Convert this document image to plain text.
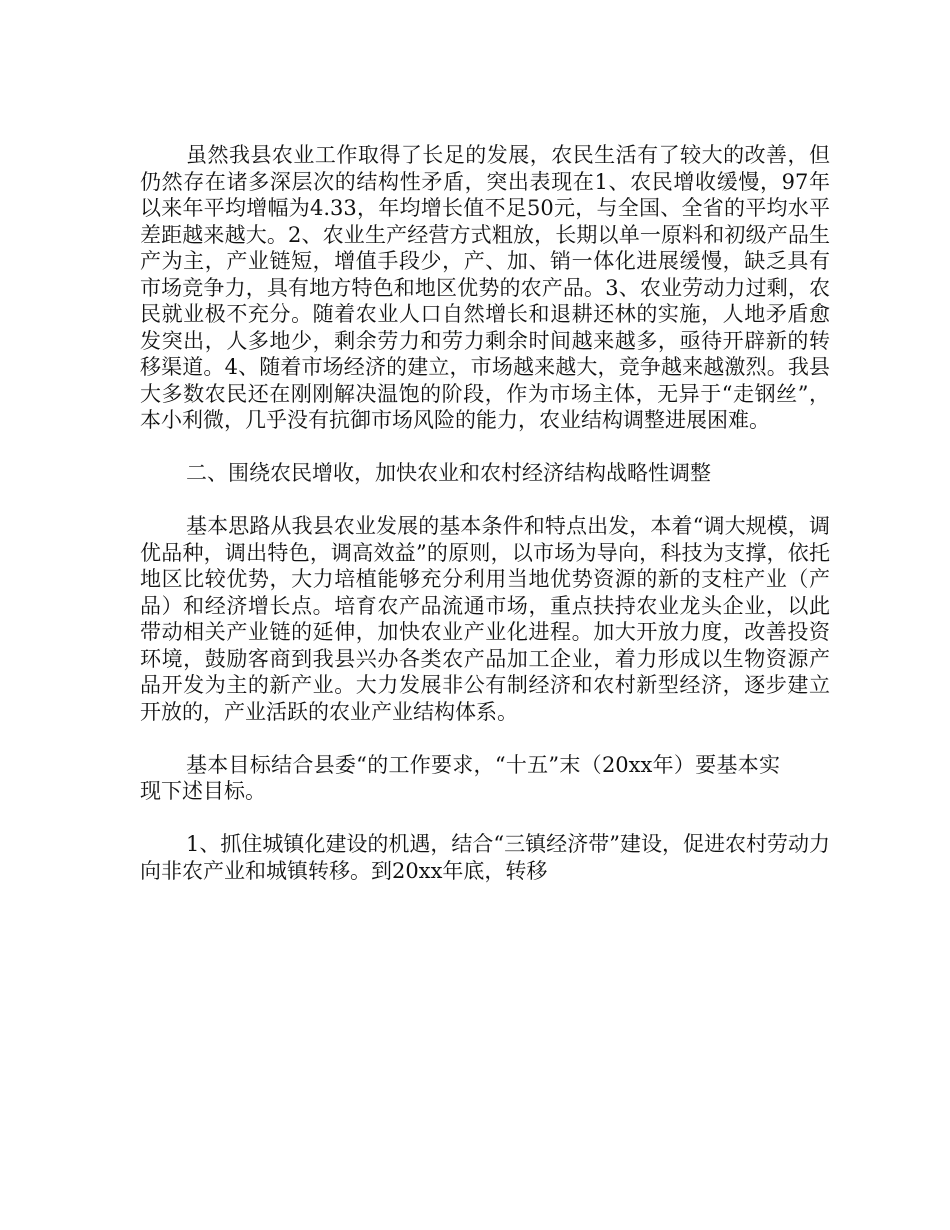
虽然我县农业工作取得了长足的发展，农民生活有了较大的改善，但仍然存在诸多深层次的结构性矛盾，突出表现在1、农民增收缓慢，97年以来年平均增幅为4.33，年均增长值不足50元，与全国、全省的平均水平差距越来越大。2、农业生产经营方式粗放，长期以单一原料和初级产品生产为主，产业链短，增值手段少，产、加、销一体化进展缓慢，缺乏具有市场竞争力，具有地方特色和地区优势的农产品。3、农业劳动力过剩，农民就业极不充分。随着农业人口自然增长和退耕还林的实施，人地矛盾愈发突出，人多地少，剩余劳力和劳力剩余时间越来越多，亟待开辟新的转移渠道。4、随着市场经济的建立，市场越来越大，竞争越来越激烈。我县大多数农民还在刚刚解决温饱的阶段，作为市场主体，无异于“走钢丝”，本小利微，几乎没有抗御市场风险的能力，农业结构调整进展困难。

二、围绕农民增收，加快农业和农村经济结构战略性调整

基本思路从我县农业发展的基本条件和特点出发，本着“调大规模，调优品种，调出特色，调高效益”的原则，以市场为导向，科技为支撑，依托地区比较优势，大力培植能够充分利用当地优势资源的新的支柱产业（产品）和经济增长点。培育农产品流通市场，重点扶持农业龙头企业，以此带动相关产业链的延伸，加快农业产业化进程。加大开放力度，改善投资环境，鼓励客商到我县兴办各类农产品加工企业，着力形成以生物资源产品开发为主的新产业。大力发展非公有制经济和农村新型经济，逐步建立开放的，产业活跃的农业产业结构体系。

基本目标结合县委“的工作要求，“十五”末（20xx年）要基本实现下述目标。

1、抓住城镇化建设的机遇，结合“三镇经济带”建设，促进农村劳动力向非农产业和城镇转移。到20xx年底，转移
